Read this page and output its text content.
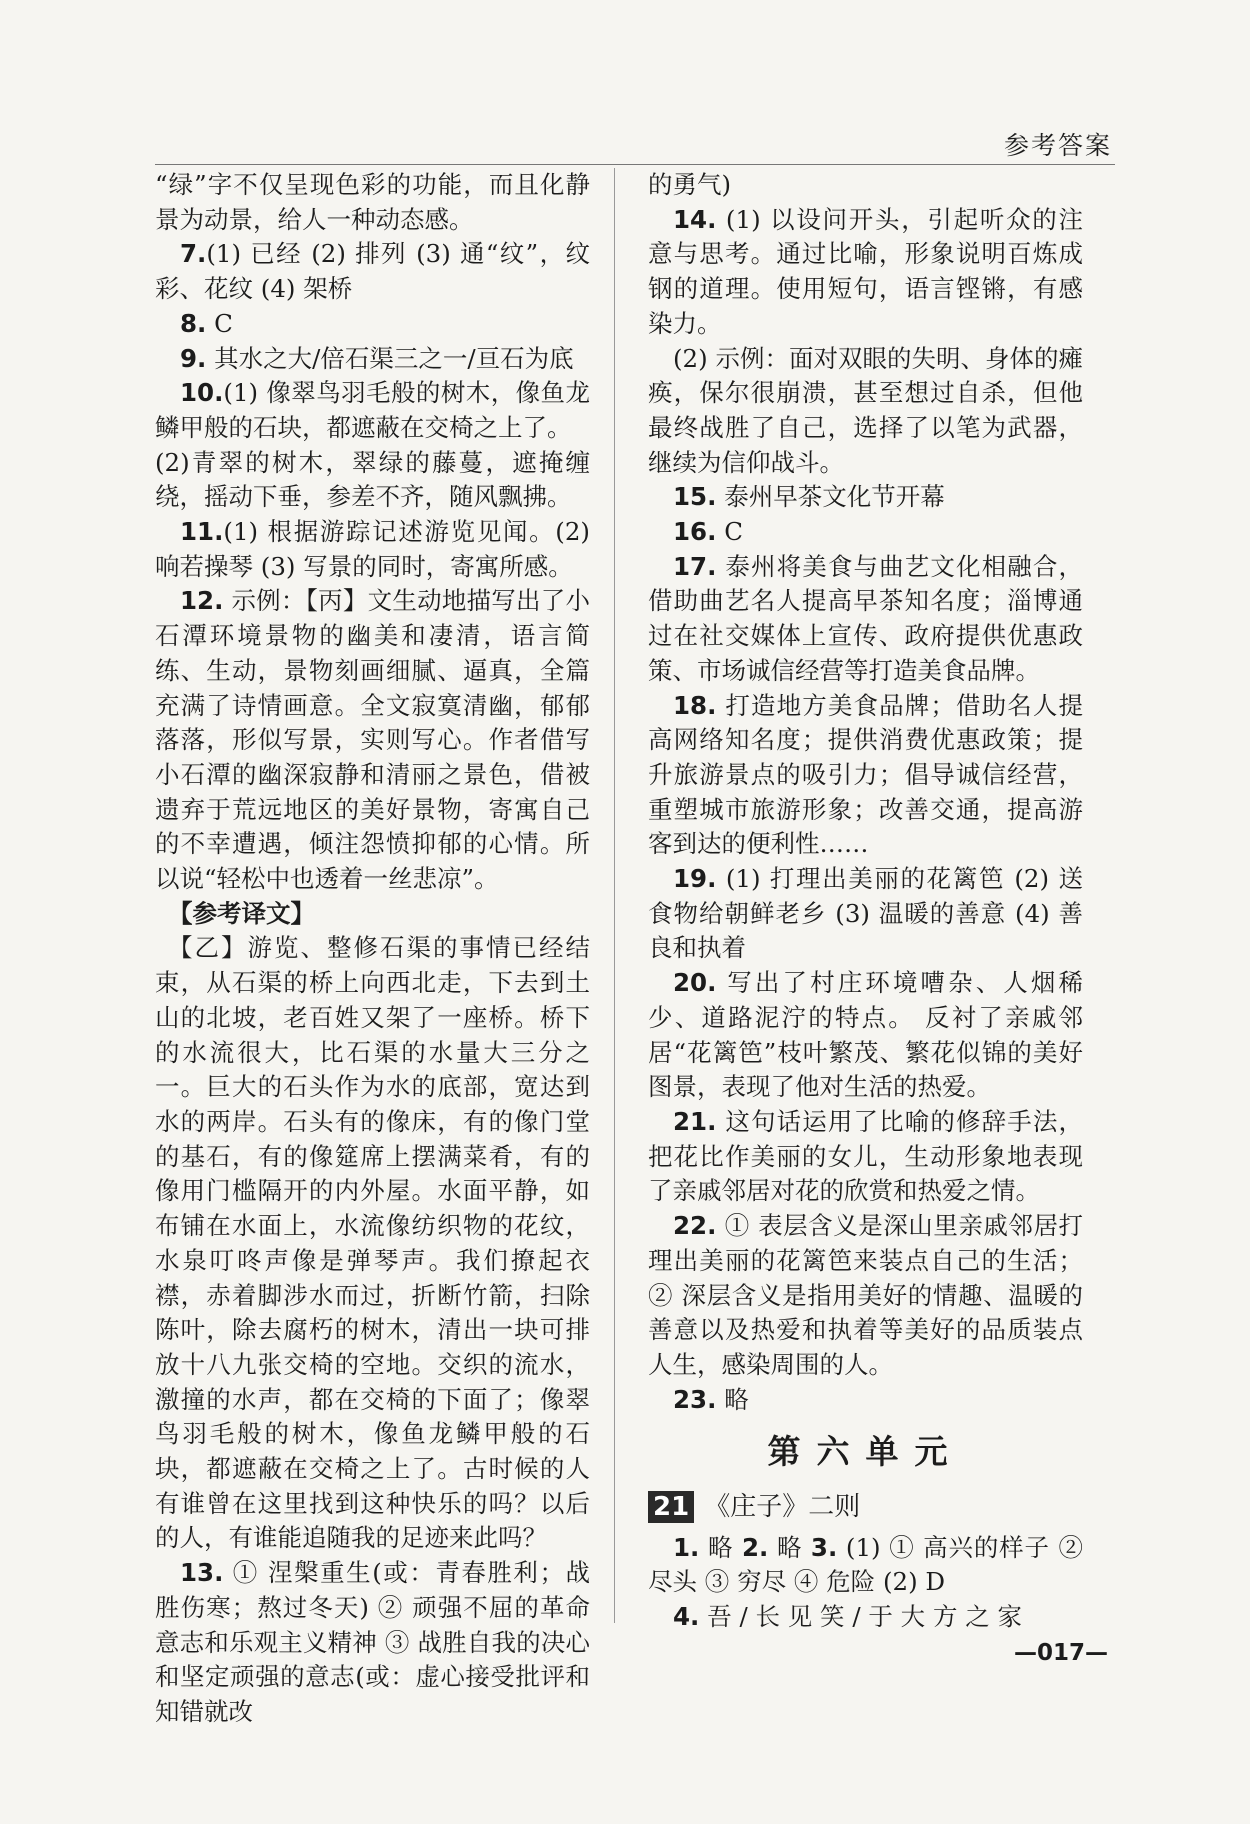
参考答案

“绿”字不仅呈现色彩的功能，而且化静景为动景，给人一种动态感。

7.(1) 已经 (2) 排列 (3) 通“纹”，纹彩、花纹 (4) 架桥

8. C

9. 其水之大/倍石渠三之一/亘石为底

10.(1) 像翠鸟羽毛般的树木，像鱼龙鳞甲般的石块，都遮蔽在交椅之上了。

(2)青翠的树木，翠绿的藤蔓，遮掩缠绕，摇动下垂，参差不齐，随风飘拂。

11.(1) 根据游踪记述游览见闻。(2) 响若操琴 (3) 写景的同时，寄寓所感。

12. 示例：【丙】文生动地描写出了小石潭环境景物的幽美和凄清，语言简练、生动，景物刻画细腻、逼真，全篇充满了诗情画意。全文寂寞清幽，郁郁落落，形似写景，实则写心。作者借写小石潭的幽深寂静和清丽之景色，借被遗弃于荒远地区的美好景物，寄寓自己的不幸遭遇，倾注怨愤抑郁的心情。所以说“轻松中也透着一丝悲凉”。

【参考译文】

【乙】游览、整修石渠的事情已经结束，从石渠的桥上向西北走，下去到土山的北坡，老百姓又架了一座桥。桥下的水流很大，比石渠的水量大三分之一。巨大的石头作为水的底部，宽达到水的两岸。石头有的像床，有的像门堂的基石，有的像筵席上摆满菜肴，有的像用门槛隔开的内外屋。水面平静，如布铺在水面上，水流像纺织物的花纹，水泉叮咚声像是弹琴声。我们撩起衣襟，赤着脚涉水而过，折断竹箭，扫除陈叶，除去腐朽的树木，清出一块可排放十八九张交椅的空地。交织的流水，激撞的水声，都在交椅的下面了；像翠鸟羽毛般的树木，像鱼龙鳞甲般的石块，都遮蔽在交椅之上了。古时候的人有谁曾在这里找到这种快乐的吗？以后的人，有谁能追随我的足迹来此吗？

13. ① 涅槃重生(或：青春胜利；战胜伤寒；熬过冬天) ② 顽强不屈的革命意志和乐观主义精神 ③ 战胜自我的决心和坚定顽强的意志(或：虚心接受批评和知错就改

的勇气)

14. (1) 以设问开头，引起听众的注意与思考。通过比喻，形象说明百炼成钢的道理。使用短句，语言铿锵，有感染力。

(2) 示例：面对双眼的失明、身体的瘫痪，保尔很崩溃，甚至想过自杀，但他最终战胜了自己，选择了以笔为武器，继续为信仰战斗。

15. 泰州早茶文化节开幕

16. C

17. 泰州将美食与曲艺文化相融合，借助曲艺名人提高早茶知名度；淄博通过在社交媒体上宣传、政府提供优惠政策、市场诚信经营等打造美食品牌。

18. 打造地方美食品牌；借助名人提高网络知名度；提供消费优惠政策；提升旅游景点的吸引力；倡导诚信经营，重塑城市旅游形象；改善交通，提高游客到达的便利性……

19. (1) 打理出美丽的花篱笆 (2) 送食物给朝鲜老乡 (3) 温暖的善意 (4) 善良和执着

20. 写出了村庄环境嘈杂、人烟稀少、道路泥泞的特点。 反衬了亲戚邻居“花篱笆”枝叶繁茂、繁花似锦的美好图景，表现了他对生活的热爱。

21. 这句话运用了比喻的修辞手法，把花比作美丽的女儿，生动形象地表现了亲戚邻居对花的欣赏和热爱之情。

22. ① 表层含义是深山里亲戚邻居打理出美丽的花篱笆来装点自己的生活；② 深层含义是指用美好的情趣、温暖的善意以及热爱和执着等美好的品质装点人生，感染周围的人。

23. 略

第六单元
21 《庄子》二则

1. 略 2. 略 3. (1) ① 高兴的样子 ② 尽头 ③ 穷尽 ④ 危险 (2) D

4. 吾 / 长 见 笑 / 于 大 方 之 家

—017—
